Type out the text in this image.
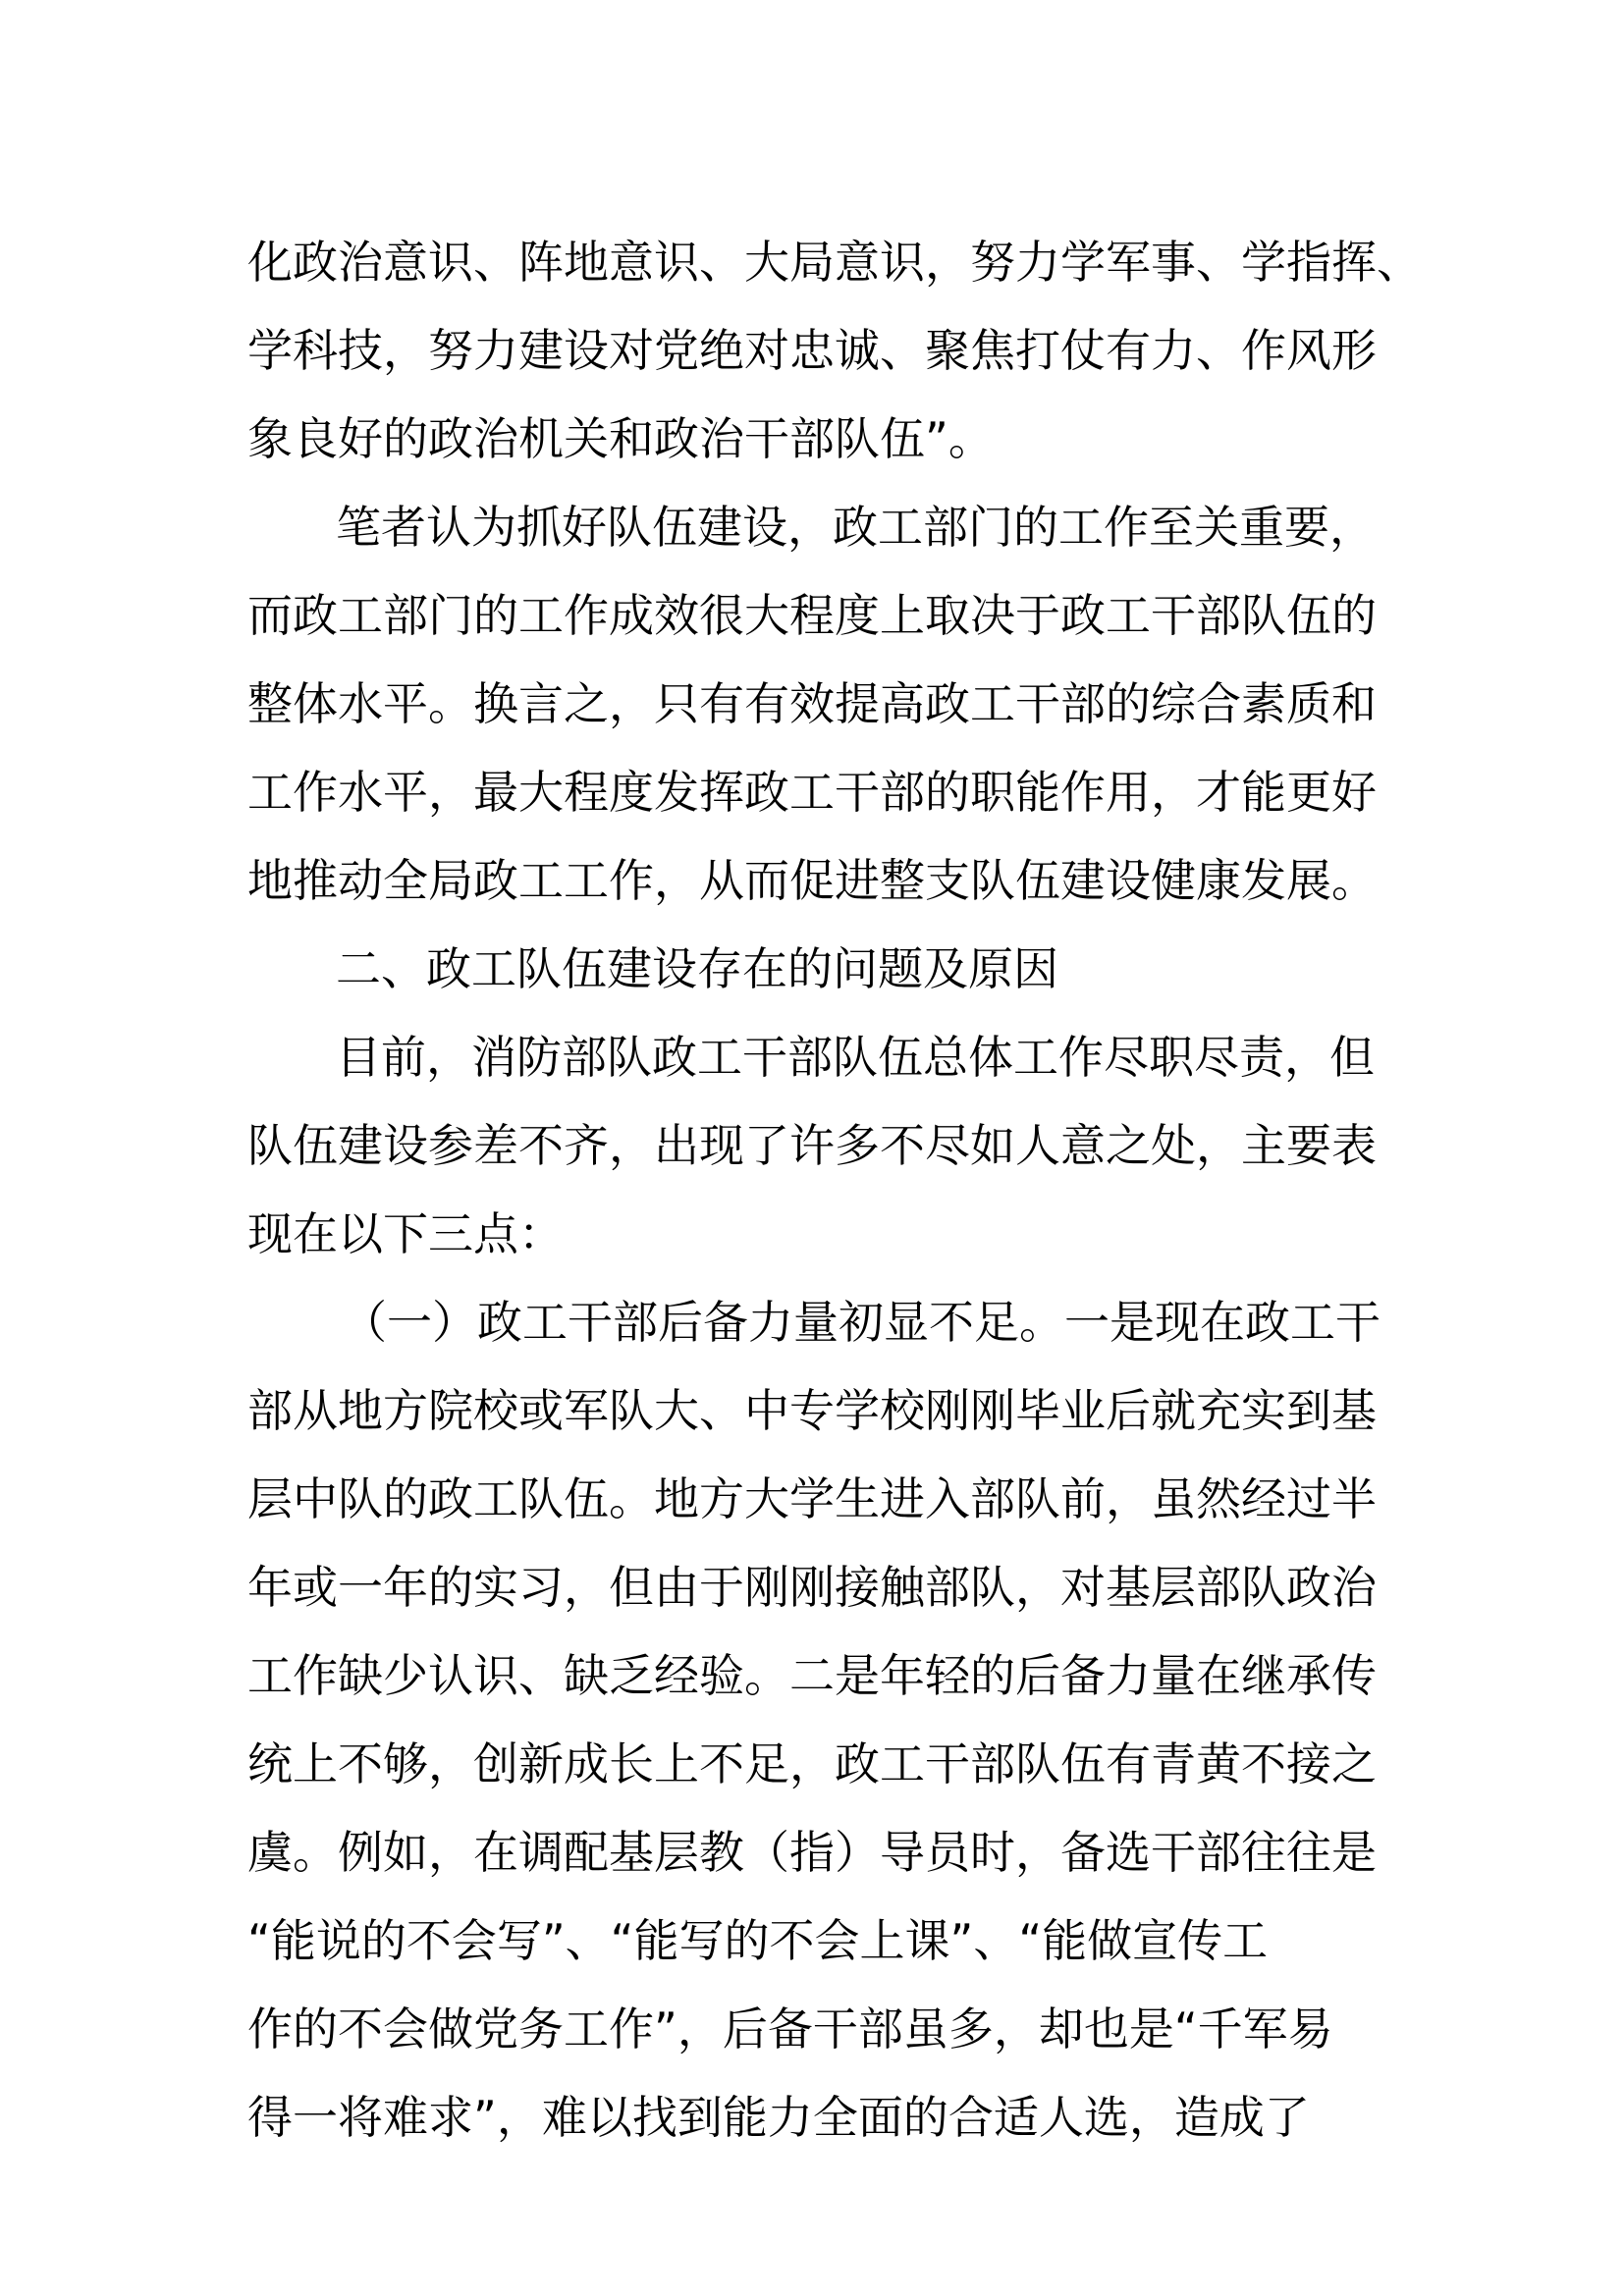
化政治意识、阵地意识、大局意识，努力学军事、学指挥、
学科技，努力建设对党绝对忠诚、聚焦打仗有力、作风形
象良好的政治机关和政治干部队伍”。
笔者认为抓好队伍建设，政工部门的工作至关重要，
而政工部门的工作成效很大程度上取决于政工干部队伍的
整体水平。换言之，只有有效提高政工干部的综合素质和
工作水平，最大程度发挥政工干部的职能作用，才能更好
地推动全局政工工作，从而促进整支队伍建设健康发展。
二、政工队伍建设存在的问题及原因
目前，消防部队政工干部队伍总体工作尽职尽责，但
队伍建设参差不齐，出现了许多不尽如人意之处，主要表
现在以下三点：
（一）政工干部后备力量初显不足。一是现在政工干
部从地方院校或军队大、中专学校刚刚毕业后就充实到基
层中队的政工队伍。地方大学生进入部队前，虽然经过半
年或一年的实习，但由于刚刚接触部队，对基层部队政治
工作缺少认识、缺乏经验。二是年轻的后备力量在继承传
统上不够，创新成长上不足，政工干部队伍有青黄不接之
虞。例如，在调配基层教（指）导员时，备选干部往往是
“能说的不会写”、“能写的不会上课”、“能做宣传工
作的不会做党务工作”，后备干部虽多，却也是“千军易
得一将难求”，难以找到能力全面的合适人选，造成了
